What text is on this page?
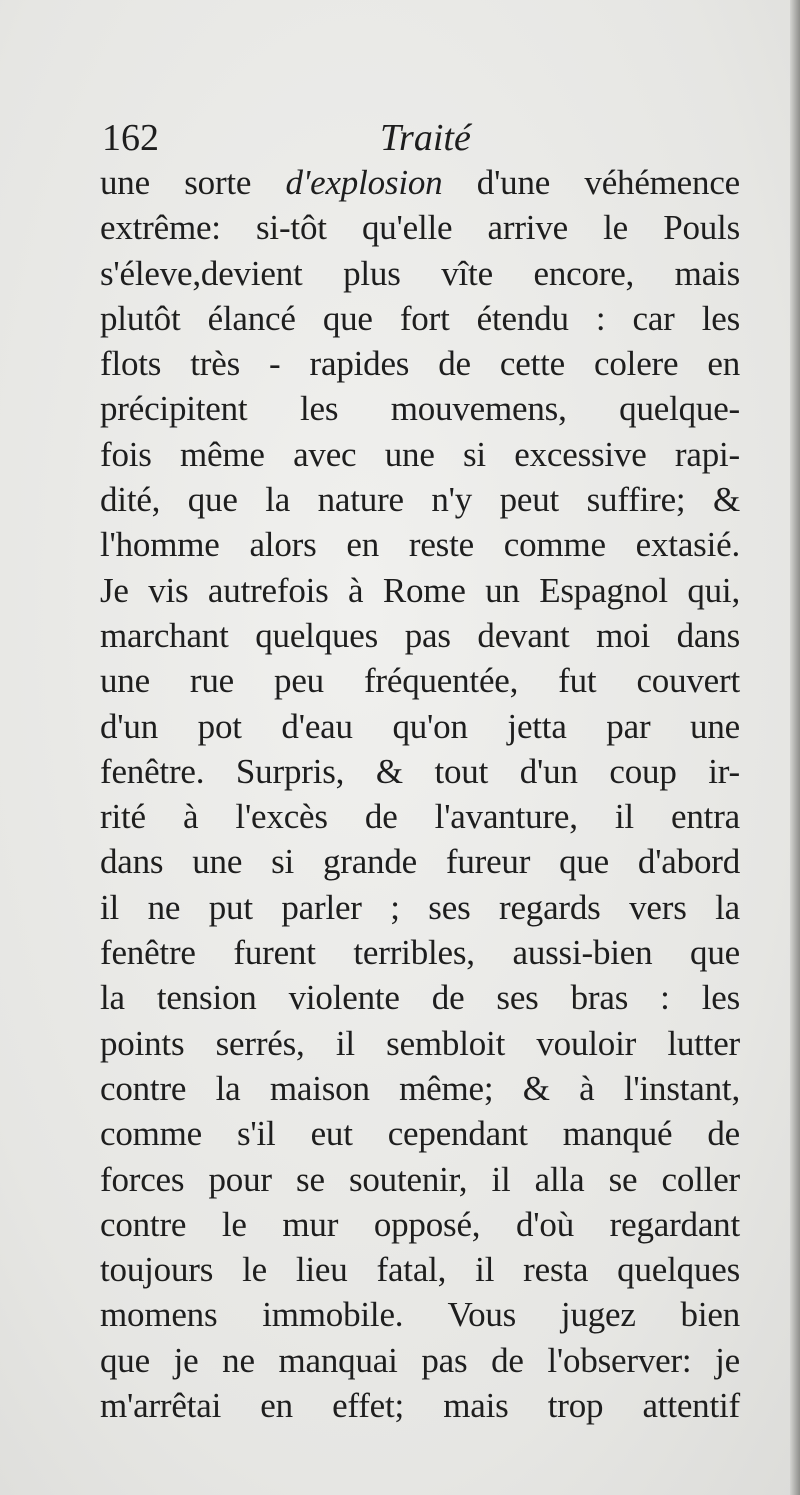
162	Traité
une sorte d'explosion d'une véhémence
extrême: si-tôt qu'elle arrive le Pouls
s'éleve,devient plus vîte encore, mais
plutôt élancé que fort étendu : car les
flots très - rapides de cette colere en
précipitent les mouvemens, quelque-
fois même avec une si excessive rapi-
dité, que la nature n'y peut suffire; &
l'homme alors en reste comme extasié.
Je vis autrefois à Rome un Espagnol qui,
marchant quelques pas devant moi dans
une rue peu fréquentée, fut couvert
d'un pot d'eau qu'on jetta par une
fenêtre. Surpris, & tout d'un coup ir-
rité à l'excès de l'avanture, il entra
dans une si grande fureur que d'abord
il ne put parler ; ses regards vers la
fenêtre furent terribles, aussi-bien que
la tension violente de ses bras : les
points serrés, il sembloit vouloir lutter
contre la maison même; & à l'instant,
comme s'il eut cependant manqué de
forces pour se soutenir, il alla se coller
contre le mur opposé, d'où regardant
toujours le lieu fatal, il resta quelques
momens immobile. Vous jugez bien
que je ne manquai pas de l'observer: je
m'arrêtai en effet; mais trop attentif
